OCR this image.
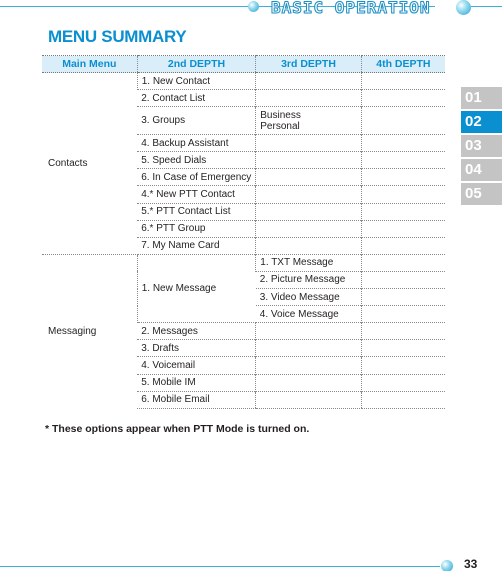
BASIC OPERATION
MENU SUMMARY
01
02
03
04
05
Main Menu	2nd DEPTH	3rd DEPTH	4th DEPTH
Contacts	1. New Contact		
	2. Contact List		
	3. Groups	Business
Personal	

	4. Backup Assistant		
	5. Speed Dials		
	6. In Case of Emergency		
	4.* New PTT Contact		
	5.* PTT Contact List		
	6.* PTT Group		
	7. My Name Card		
Messaging	1. New Message	1. TXT Message	
		2. Picture Message	
		3. Video Message	
		4. Voice Message	
	2. Messages		
	3. Drafts		
	4. Voicemail		
	5. Mobile IM		
	6. Mobile Email		
* These options appear when PTT Mode is turned on.
33
